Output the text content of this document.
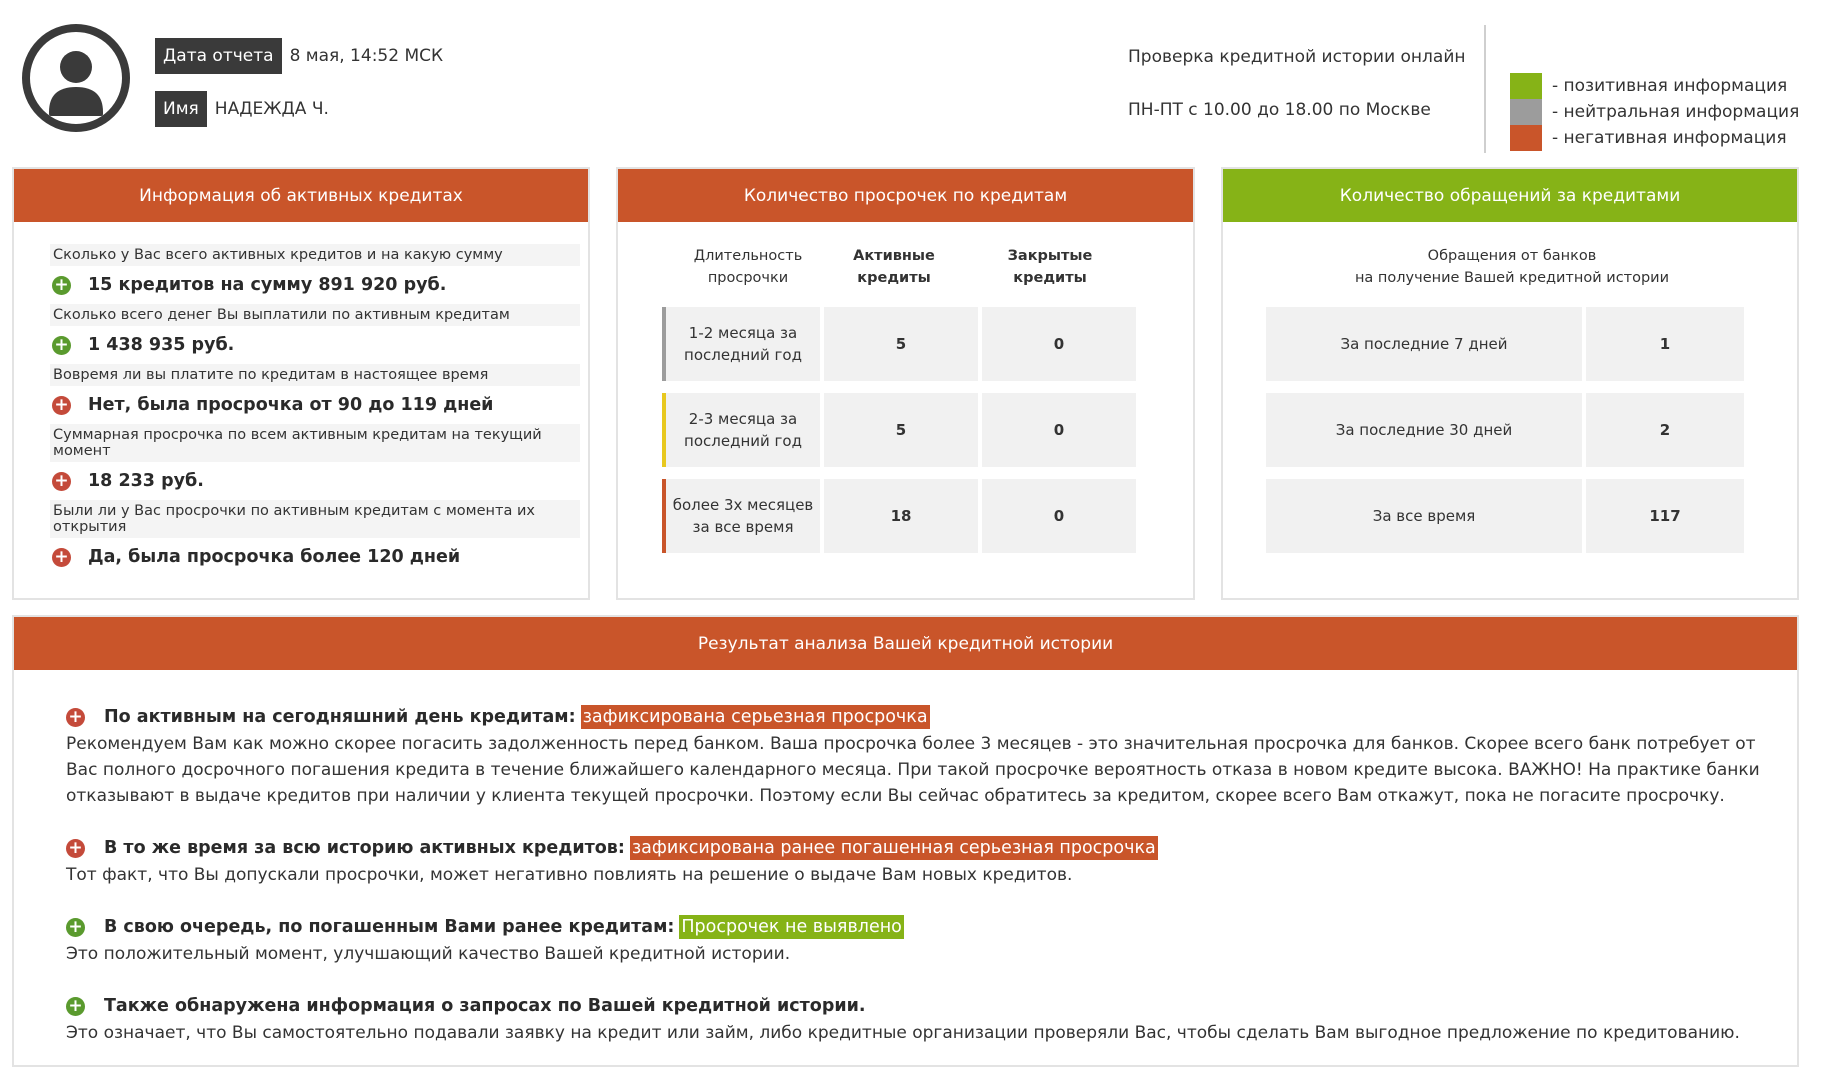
Дата отчета 8 мая, 14:52 МСК
Имя НАДЕЖДА Ч.
Проверка кредитной истории онлайн
ПН-ПТ с 10.00 до 18.00 по Москве
- позитивная информация
- нейтральная информация
- негативная информация
Информация об активных кредитах
Сколько у Вас всего активных кредитов и на какую сумму
+ 15 кредитов на сумму 891 920 руб.
Сколько всего денег Вы выплатили по активным кредитам
+ 1 438 935 руб.
Вовремя ли вы платите по кредитам в настоящее время
+ Нет, была просрочка от 90 до 119 дней
Суммарная просрочка по всем активным кредитам на текущий момент
+ 18 233 руб.
Были ли у Вас просрочки по активным кредитам с момента их открытия
+ Да, была просрочка более 120 дней
Количество просрочек по кредитам
Длительность
просрочки
Активные кредиты
Закрытые кредиты
1-2 месяца за
последний год
5	0
2-3 месяца за
последний год
5	0
более 3х месяцев
за все время
18	0
Количество обращений за кредитами
Обращения от банков
на получение Вашей кредитной истории
За последние 7 дней	1
За последние 30 дней	2
За все время	117
Результат анализа Вашей кредитной истории
+ По активным на сегодняшний день кредитам: зафиксирована серьезная просрочка
Рекомендуем Вам как можно скорее погасить задолженность перед банком. Ваша просрочка более 3 месяцев - это значительная просрочка для банков. Скорее всего банк потребует от Вас полного досрочного погашения кредита в течение ближайшего календарного месяца. При такой просрочке вероятность отказа в новом кредите высока. ВАЖНО! На практике банки отказывают в выдаче кредитов при наличии у клиента текущей просрочки. Поэтому если Вы сейчас обратитесь за кредитом, скорее всего Вам откажут, пока не погасите просрочку.
+ В то же время за всю историю активных кредитов: зафиксирована ранее погашенная серьезная просрочка
Тот факт, что Вы допускали просрочки, может негативно повлиять на решение о выдаче Вам новых кредитов.
+ В свою очередь, по погашенным Вами ранее кредитам: Просрочек не выявлено
Это положительный момент, улучшающий качество Вашей кредитной истории.
+ Также обнаружена информация о запросах по Вашей кредитной истории.
Это означает, что Вы самостоятельно подавали заявку на кредит или займ, либо кредитные организации проверяли Вас, чтобы сделать Вам выгодное предложение по кредитованию.
